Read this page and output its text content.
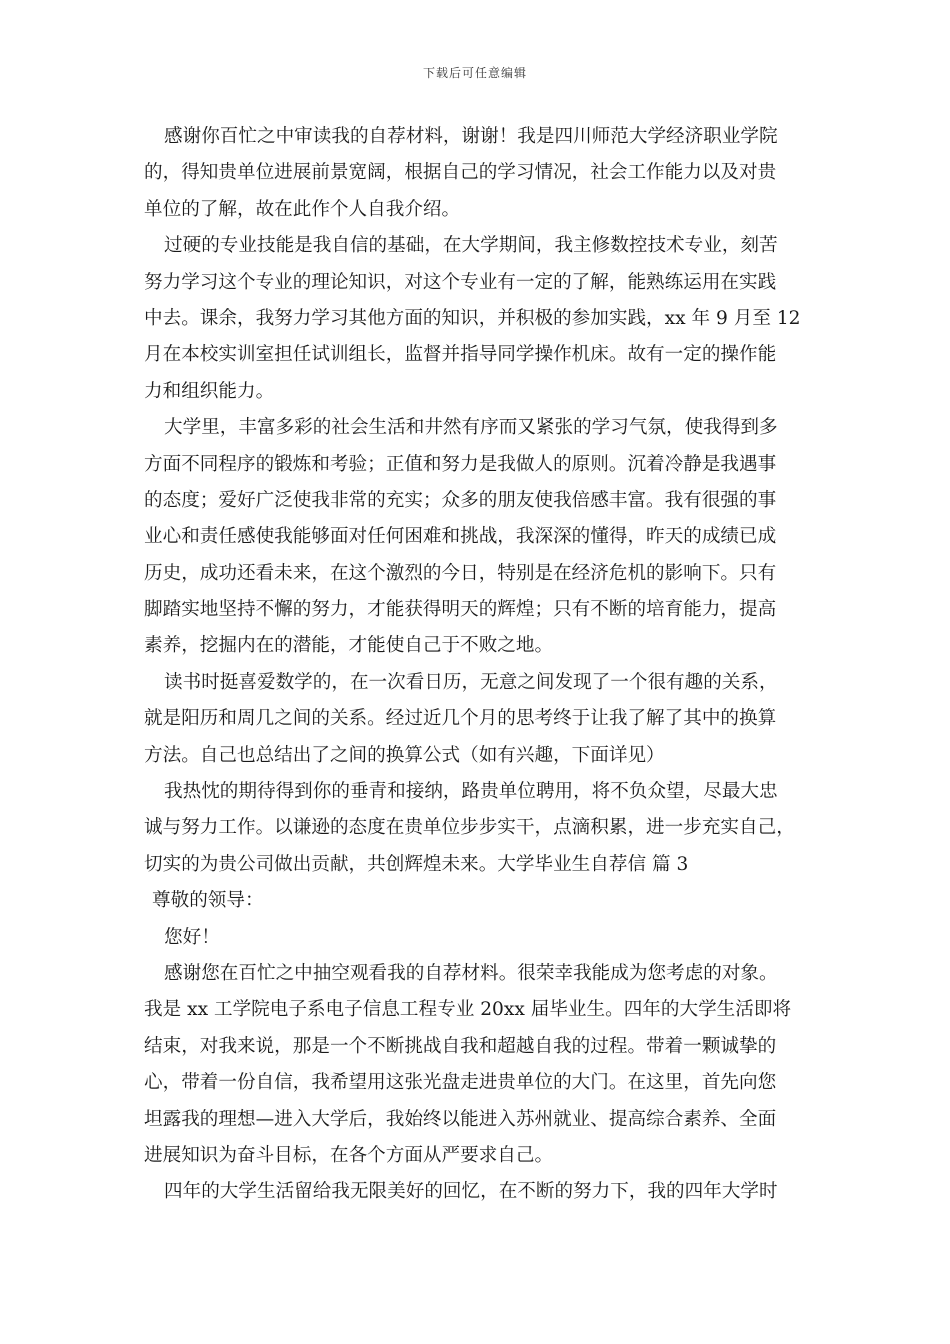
下载后可任意编辑
感谢你百忙之中审读我的自荐材料，谢谢！我是四川师范大学经济职业学院
的，得知贵单位进展前景宽阔，根据自己的学习情况，社会工作能力以及对贵
单位的了解，故在此作个人自我介绍。
过硬的专业技能是我自信的基础，在大学期间，我主修数控技术专业，刻苦
努力学习这个专业的理论知识，对这个专业有一定的了解，能熟练运用在实践
中去。课余，我努力学习其他方面的知识，并积极的参加实践，xx 年 9 月至 12
月在本校实训室担任试训组长，监督并指导同学操作机床。故有一定的操作能
力和组织能力。
大学里，丰富多彩的社会生活和井然有序而又紧张的学习气氛，使我得到多
方面不同程序的锻炼和考验；正值和努力是我做人的原则。沉着冷静是我遇事
的态度；爱好广泛使我非常的充实；众多的朋友使我倍感丰富。我有很强的事
业心和责任感使我能够面对任何困难和挑战，我深深的懂得，昨天的成绩已成
历史，成功还看未来，在这个激烈的今日，特别是在经济危机的影响下。只有
脚踏实地坚持不懈的努力，才能获得明天的辉煌；只有不断的培育能力，提高
素养，挖掘内在的潜能，才能使自己于不败之地。
读书时挺喜爱数学的，在一次看日历，无意之间发现了一个很有趣的关系，
就是阳历和周几之间的关系。经过近几个月的思考终于让我了解了其中的换算
方法。自己也总结出了之间的换算公式（如有兴趣，下面详见）
我热忱的期待得到你的垂青和接纳，路贵单位聘用，将不负众望，尽最大忠
诚与努力工作。以谦逊的态度在贵单位步步实干，点滴积累，进一步充实自己，
切实的为贵公司做出贡献，共创辉煌未来。大学毕业生自荐信 篇 3
尊敬的领导：
您好！
感谢您在百忙之中抽空观看我的自荐材料。很荣幸我能成为您考虑的对象。
我是 xx 工学院电子系电子信息工程专业 20xx 届毕业生。四年的大学生活即将
结束，对我来说，那是一个不断挑战自我和超越自我的过程。带着一颗诚挚的
心，带着一份自信，我希望用这张光盘走进贵单位的大门。在这里，首先向您
坦露我的理想—进入大学后，我始终以能进入苏州就业、提高综合素养、全面
进展知识为奋斗目标，在各个方面从严要求自己。
四年的大学生活留给我无限美好的回忆，在不断的努力下，我的四年大学时
